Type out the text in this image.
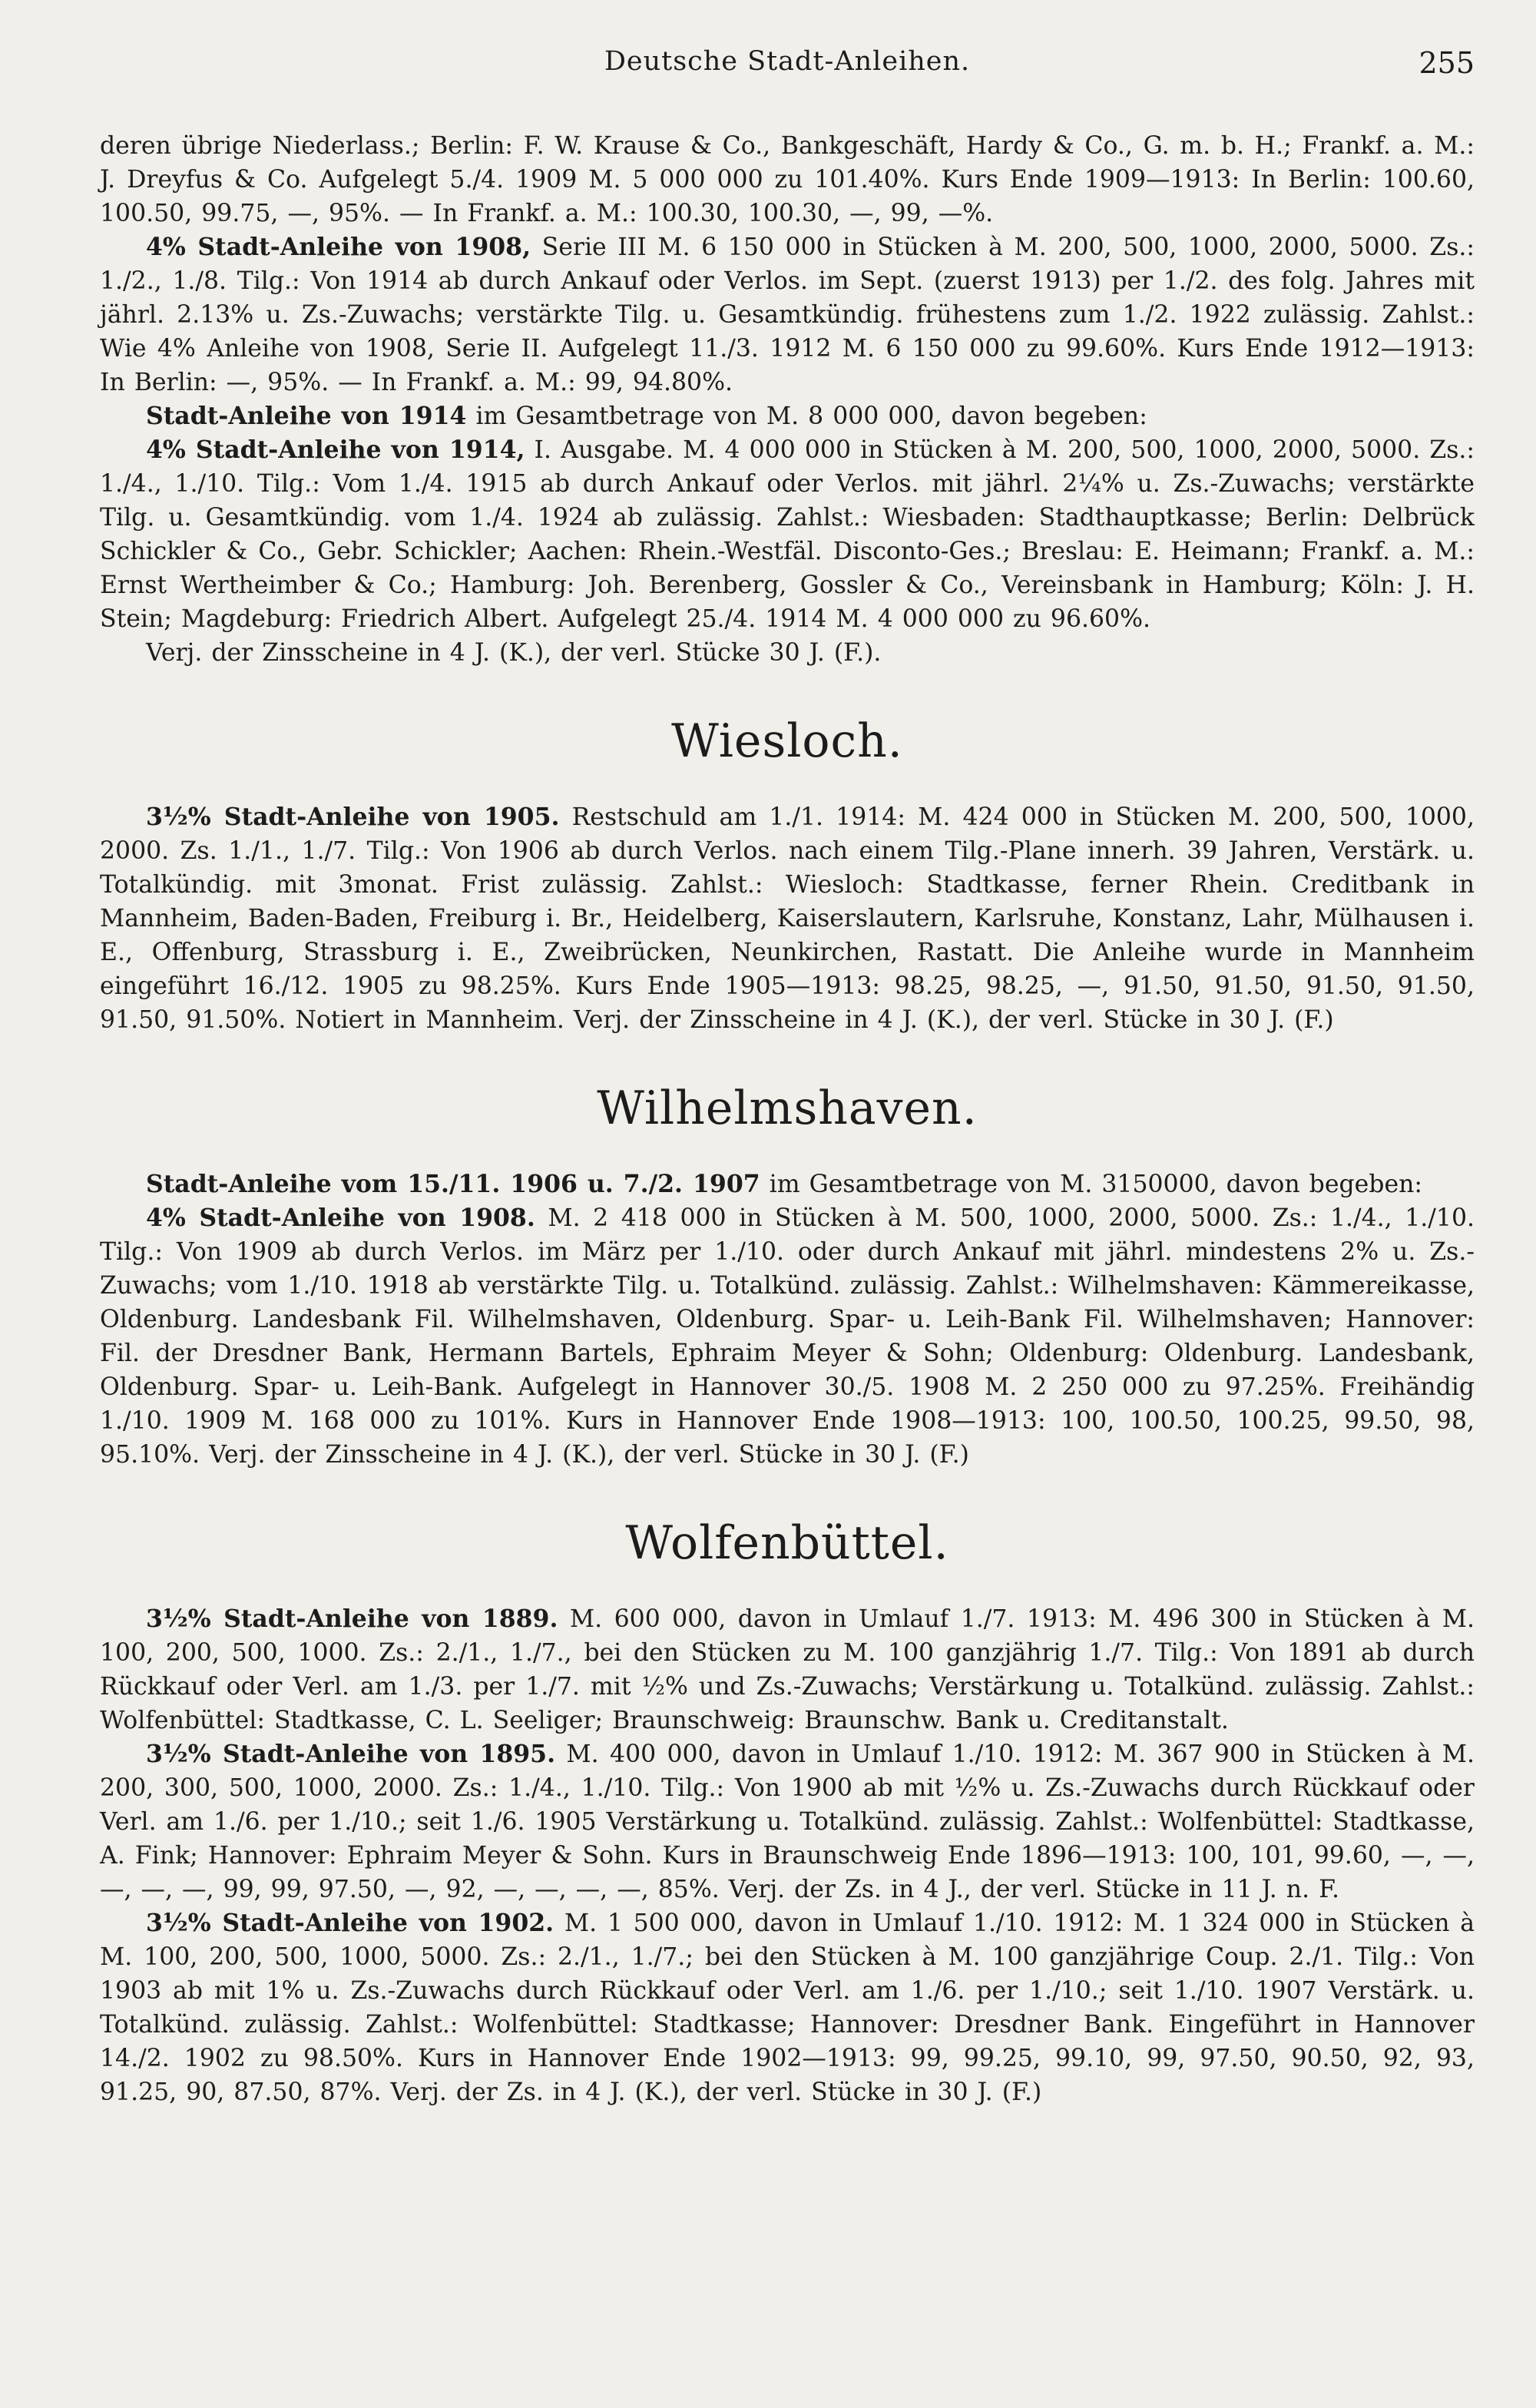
Deutsche Stadt-Anleihen.	255

deren übrige Niederlass.; Berlin: F. W. Krause & Co., Bankgeschäft, Hardy & Co., G. m. b. H.; Frankf. a. M.: J. Dreyfus & Co. Aufgelegt 5./4. 1909 M. 5 000 000 zu 101.40%. Kurs Ende 1909—1913: In Berlin: 100.60, 100.50, 99.75, —, 95%. — In Frankf. a. M.: 100.30, 100.30, —, 99, —%.

4% Stadt-Anleihe von 1908, Serie III M. 6 150 000 in Stücken à M. 200, 500, 1000, 2000, 5000. Zs.: 1./2., 1./8. Tilg.: Von 1914 ab durch Ankauf oder Verlos. im Sept. (zuerst 1913) per 1./2. des folg. Jahres mit jährl. 2.13% u. Zs.-Zuwachs; verstärkte Tilg. u. Gesamtkündig. frühestens zum 1./2. 1922 zulässig. Zahlst.: Wie 4% Anleihe von 1908, Serie II. Aufgelegt 11./3. 1912 M. 6 150 000 zu 99.60%. Kurs Ende 1912—1913: In Berlin: —, 95%. — In Frankf. a. M.: 99, 94.80%.

Stadt-Anleihe von 1914 im Gesamtbetrage von M. 8 000 000, davon begeben:

4% Stadt-Anleihe von 1914, I. Ausgabe. M. 4 000 000 in Stücken à M. 200, 500, 1000, 2000, 5000. Zs.: 1./4., 1./10. Tilg.: Vom 1./4. 1915 ab durch Ankauf oder Verlos. mit jährl. 2¼% u. Zs.-Zuwachs; verstärkte Tilg. u. Gesamtkündig. vom 1./4. 1924 ab zulässig. Zahlst.: Wiesbaden: Stadthauptkasse; Berlin: Delbrück Schickler & Co., Gebr. Schickler; Aachen: Rhein.-Westfäl. Disconto-Ges.; Breslau: E. Heimann; Frankf. a. M.: Ernst Wertheimber & Co.; Hamburg: Joh. Berenberg, Gossler & Co., Vereinsbank in Hamburg; Köln: J. H. Stein; Magdeburg: Friedrich Albert. Aufgelegt 25./4. 1914 M. 4 000 000 zu 96.60%.

Verj. der Zinsscheine in 4 J. (K.), der verl. Stücke 30 J. (F.).

Wiesloch.

3½% Stadt-Anleihe von 1905. Restschuld am 1./1. 1914: M. 424 000 in Stücken M. 200, 500, 1000, 2000. Zs. 1./1., 1./7. Tilg.: Von 1906 ab durch Verlos. nach einem Tilg.-Plane innerh. 39 Jahren, Verstärk. u. Totalkündig. mit 3monat. Frist zulässig. Zahlst.: Wiesloch: Stadtkasse, ferner Rhein. Creditbank in Mannheim, Baden-Baden, Freiburg i. Br., Heidelberg, Kaiserslautern, Karlsruhe, Konstanz, Lahr, Mülhausen i. E., Offenburg, Strassburg i. E., Zweibrücken, Neunkirchen, Rastatt. Die Anleihe wurde in Mannheim eingeführt 16./12. 1905 zu 98.25%. Kurs Ende 1905—1913: 98.25, 98.25, —, 91.50, 91.50, 91.50, 91.50, 91.50, 91.50%. Notiert in Mannheim. Verj. der Zinsscheine in 4 J. (K.), der verl. Stücke in 30 J. (F.)

Wilhelmshaven.

Stadt-Anleihe vom 15./11. 1906 u. 7./2. 1907 im Gesamtbetrage von M. 3150000, davon begeben:

4% Stadt-Anleihe von 1908. M. 2 418 000 in Stücken à M. 500, 1000, 2000, 5000. Zs.: 1./4., 1./10. Tilg.: Von 1909 ab durch Verlos. im März per 1./10. oder durch Ankauf mit jährl. mindestens 2% u. Zs.-Zuwachs; vom 1./10. 1918 ab verstärkte Tilg. u. Totalkünd. zulässig. Zahlst.: Wilhelmshaven: Kämmereikasse, Oldenburg. Landesbank Fil. Wilhelmshaven, Oldenburg. Spar- u. Leih-Bank Fil. Wilhelmshaven; Hannover: Fil. der Dresdner Bank, Hermann Bartels, Ephraim Meyer & Sohn; Oldenburg: Oldenburg. Landesbank, Oldenburg. Spar- u. Leih-Bank. Aufgelegt in Hannover 30./5. 1908 M. 2 250 000 zu 97.25%. Freihändig 1./10. 1909 M. 168 000 zu 101%. Kurs in Hannover Ende 1908—1913: 100, 100.50, 100.25, 99.50, 98, 95.10%. Verj. der Zinsscheine in 4 J. (K.), der verl. Stücke in 30 J. (F.)

Wolfenbüttel.

3½% Stadt-Anleihe von 1889. M. 600 000, davon in Umlauf 1./7. 1913: M. 496 300 in Stücken à M. 100, 200, 500, 1000. Zs.: 2./1., 1./7., bei den Stücken zu M. 100 ganzjährig 1./7. Tilg.: Von 1891 ab durch Rückkauf oder Verl. am 1./3. per 1./7. mit ½% und Zs.-Zuwachs; Verstärkung u. Totalkünd. zulässig. Zahlst.: Wolfenbüttel: Stadtkasse, C. L. Seeliger; Braunschweig: Braunschw. Bank u. Creditanstalt.

3½% Stadt-Anleihe von 1895. M. 400 000, davon in Umlauf 1./10. 1912: M. 367 900 in Stücken à M. 200, 300, 500, 1000, 2000. Zs.: 1./4., 1./10. Tilg.: Von 1900 ab mit ½% u. Zs.-Zuwachs durch Rückkauf oder Verl. am 1./6. per 1./10.; seit 1./6. 1905 Verstärkung u. Totalkünd. zulässig. Zahlst.: Wolfenbüttel: Stadtkasse, A. Fink; Hannover: Ephraim Meyer & Sohn. Kurs in Braunschweig Ende 1896—1913: 100, 101, 99.60, —, —, —, —, —, 99, 99, 97.50, —, 92, —, —, —, —, 85%. Verj. der Zs. in 4 J., der verl. Stücke in 11 J. n. F.

3½% Stadt-Anleihe von 1902. M. 1 500 000, davon in Umlauf 1./10. 1912: M. 1 324 000 in Stücken à M. 100, 200, 500, 1000, 5000. Zs.: 2./1., 1./7.; bei den Stücken à M. 100 ganzjährige Coup. 2./1. Tilg.: Von 1903 ab mit 1% u. Zs.-Zuwachs durch Rückkauf oder Verl. am 1./6. per 1./10.; seit 1./10. 1907 Verstärk. u. Totalkünd. zulässig. Zahlst.: Wolfenbüttel: Stadtkasse; Hannover: Dresdner Bank. Eingeführt in Hannover 14./2. 1902 zu 98.50%. Kurs in Hannover Ende 1902—1913: 99, 99.25, 99.10, 99, 97.50, 90.50, 92, 93, 91.25, 90, 87.50, 87%. Verj. der Zs. in 4 J. (K.), der verl. Stücke in 30 J. (F.)
